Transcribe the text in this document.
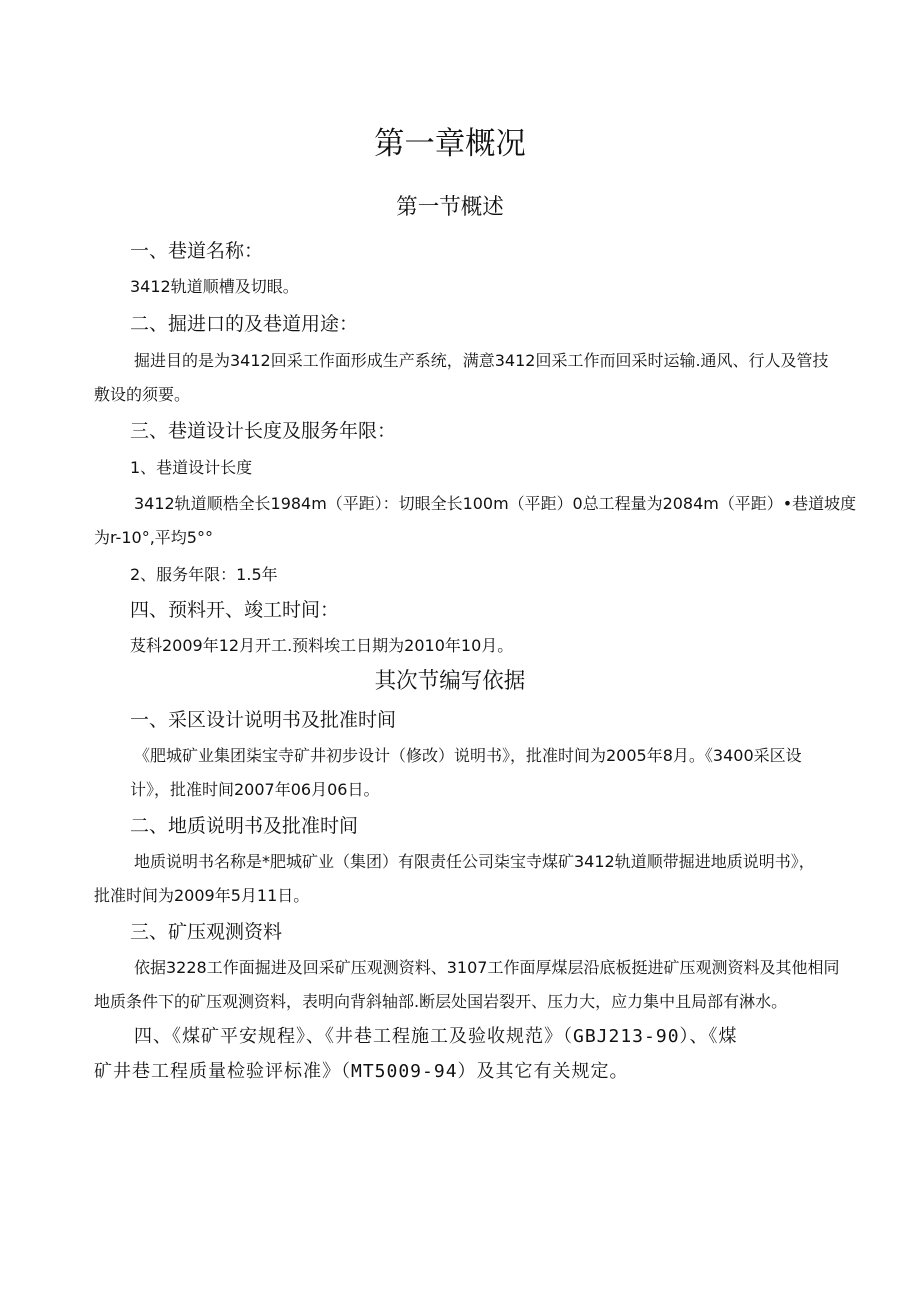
第一章概况
第一节概述
一、巷道名称：
3412轨道顺槽及切眼。
二、掘进口的及巷道用途：
掘进目的是为3412回采工作面形成生产系统，满意3412回采工作而回采时运输.通风、行人及管技
敷设的须要。
三、巷道设计长度及服务年限：
1、巷道设计长度
3412轨道顺梏全长1984m（平距）：切眼全长100m（平距）0总工程量为2084m（平距）•巷道坡度
为r-10°,平均5°°
2、服务年限：1.5年
四、预料开、竣工时间：
芨科2009年12月开工.预料埃工日期为2010年10月。
其次节编写依据
一、采区设计说明书及批准时间
《肥城矿业集团柒宝寺矿井初步设计（修改）说明书》，批准时间为2005年8月。《3400采区设
计》，批准时间2007年06月06日。
二、地质说明书及批准时间
地质说明书名称是*肥城矿业（集团）有限责任公司柒宝寺煤矿3412轨道顺带掘进地质说明书》，
批准时间为2009年5月11日。
三、矿压观测资料
依据3228工作面掘进及回采矿压观测资料、3107工作面厚煤层沿底板挺进矿压观测资料及其他相同
地质条件下的矿压观测资料，表明向背斜轴部.断层处国岩裂开、压力大，应力集中且局部有淋水。
四、《煤矿平安规程》、《井巷工程施工及验收规范》（GBJ213-90）、《煤
矿井巷工程质量检验评标准》（MT5009-94）及其它有关规定。
